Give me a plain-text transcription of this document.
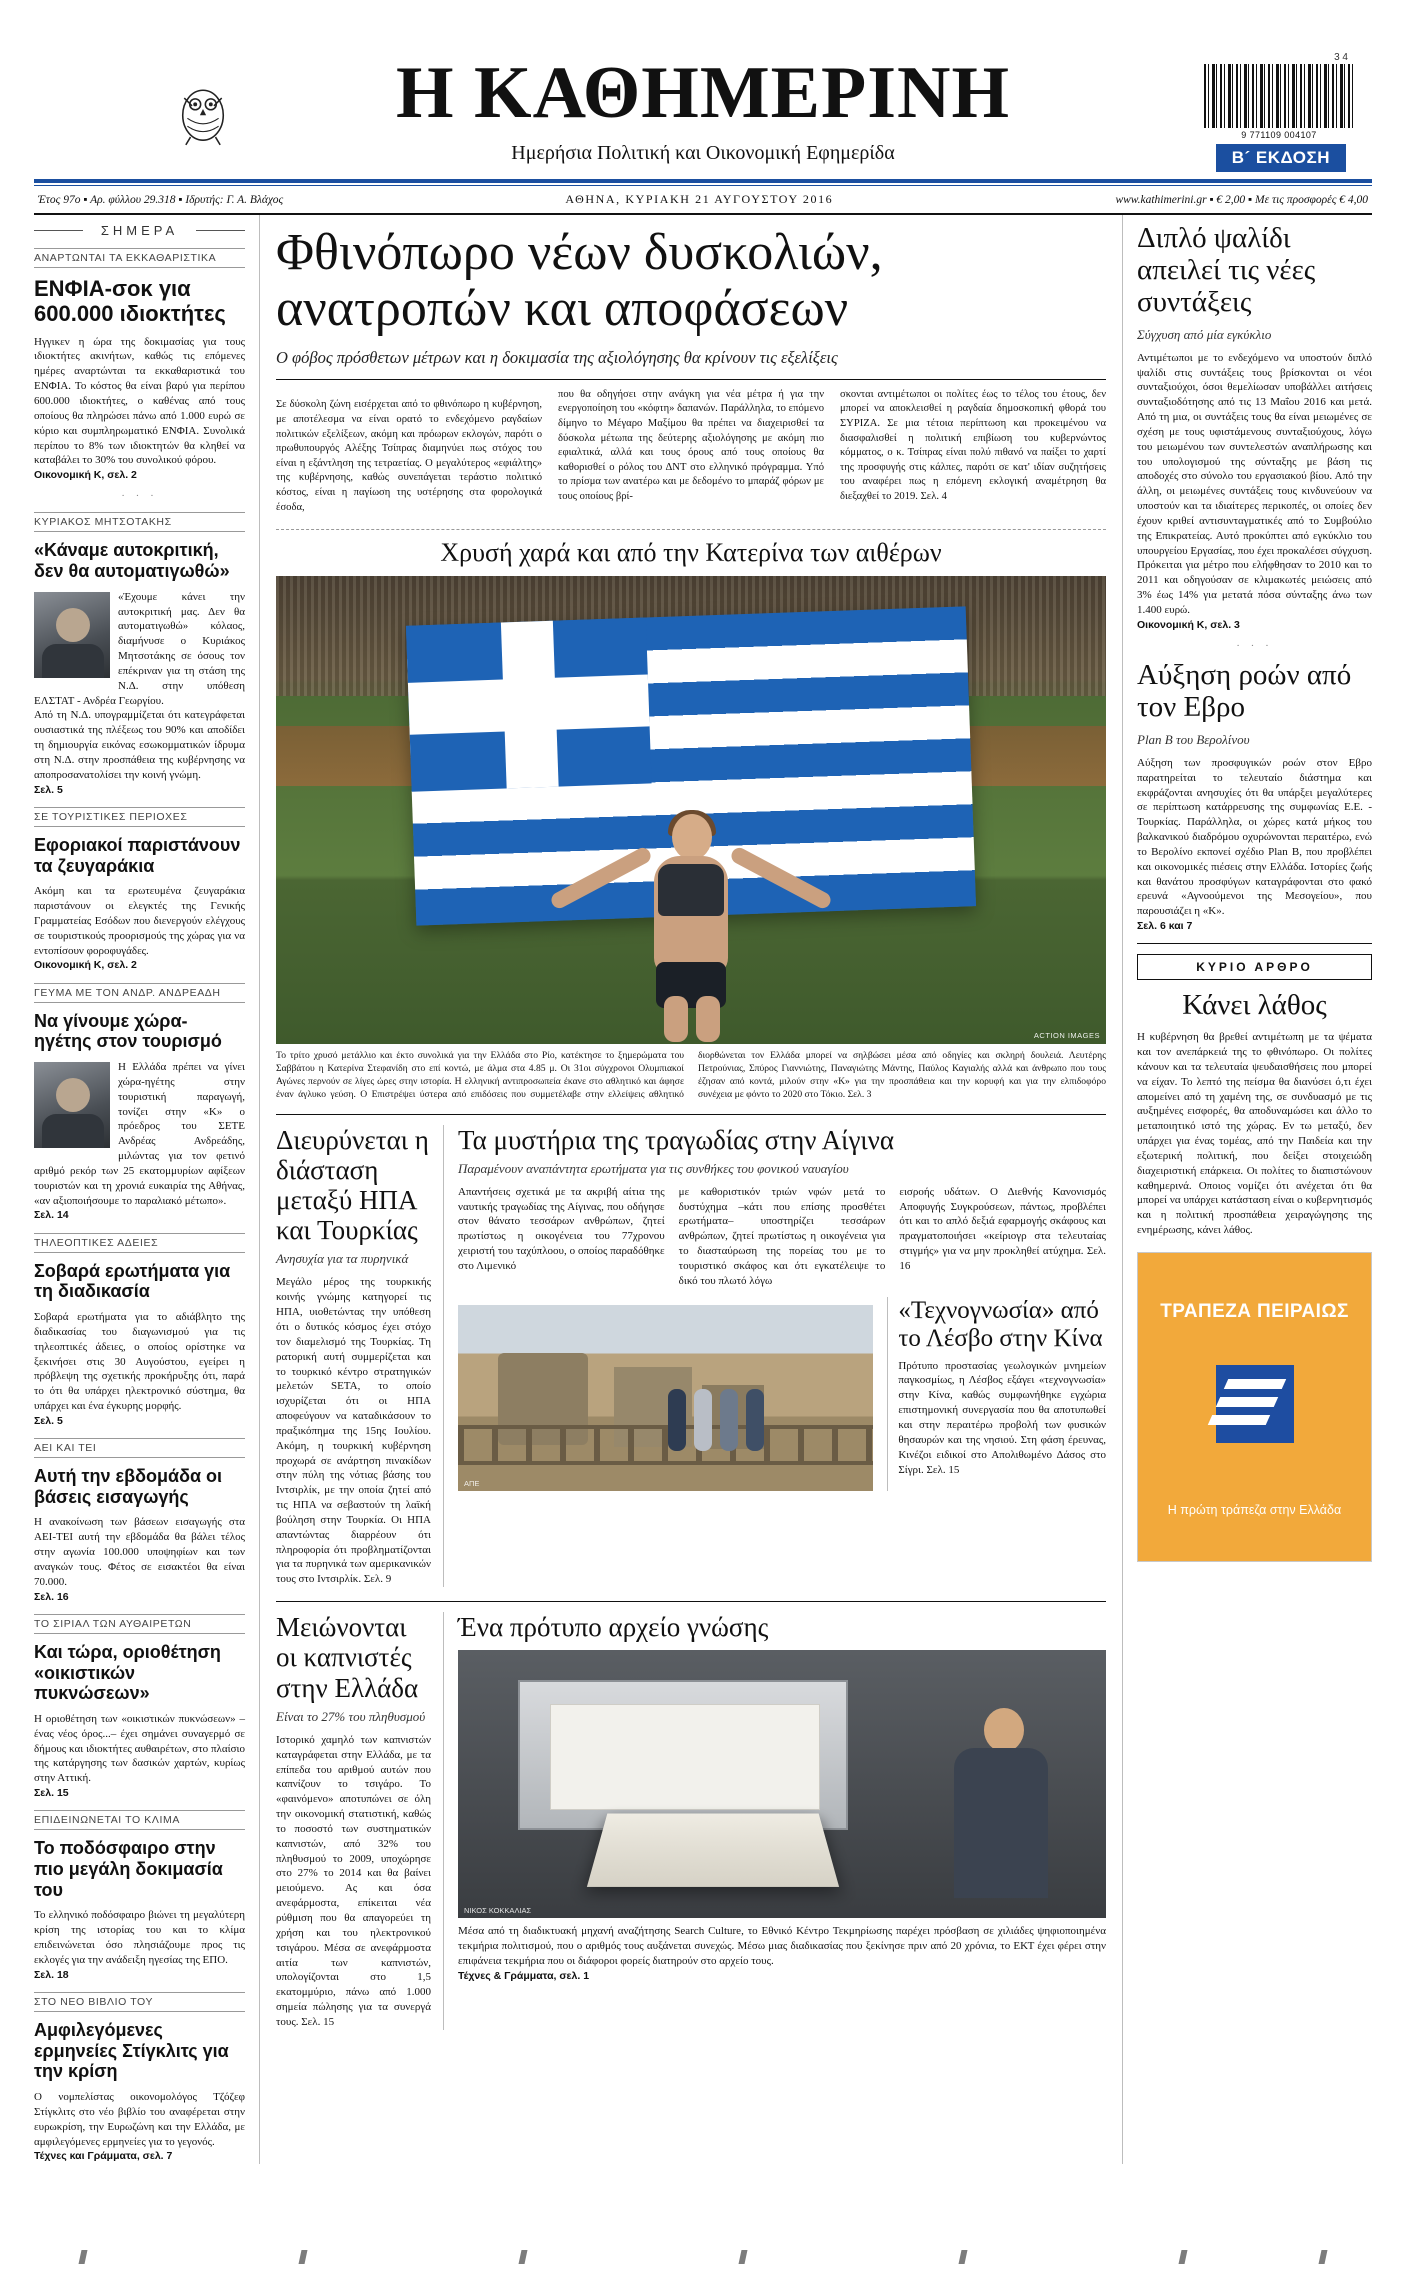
3 4
9 771109 004107
Η ΚΑΘΗΜΕΡΙΝΗ
Ημερήσια Πολιτική και Οικονομική Εφημερίδα	Β´ ΕΚΔΟΣΗ
Έτος 97ο ▪ Αρ. φύλλου 29.318 ▪ Ιδρυτής: Γ. Α. Βλάχος	ΑΘΗΝΑ, ΚΥΡΙΑΚΗ 21 ΑΥΓΟΥΣΤΟΥ 2016	www.kathimerini.gr ▪ € 2,00 ▪ Με τις προσφορές € 4,00
ΣΗΜΕΡΑ
ΑΝΑΡΤΩΝΤΑΙ ΤΑ ΕΚΚΑΘΑΡΙΣΤΙΚΑ
ΕΝΦΙΑ-σοκ για 600.000 ιδιοκτήτες
Ηγγικεν η ώρα της δοκιμασίας για τους ιδιοκτήτες ακινήτων, καθώς τις επόμενες ημέρες αναρτώνται τα εκκαθαριστικά του ΕΝΦΙΑ. Το κόστος θα είναι βαρύ για περίπου 600.000 ιδιοκτήτες, ο καθένας από τους οποίους θα πληρώσει πάνω από 1.000 ευρώ σε κύριο και συμπληρωματικό ΕΝΦΙΑ. Συνολικά περίπου το 8% των ιδιοκτητών θα κληθεί να καταβάλει το 30% του συνολικού φόρου.
Οικονομική Κ, σελ. 2
· · ·
ΚΥΡΙΑΚΟΣ ΜΗΤΣΟΤΑΚΗΣ
«Κάναμε αυτοκριτική, δεν θα αυτοματιγωθώ»
«Έχουμε κάνει την αυτοκριτική μας. Δεν θα αυτοματιγωθώ» κόλαος, διαμήνυσε ο Κυριάκος Μητσοτάκης σε όσους τον επέκριναν για τη στάση της Ν.Δ. στην υπόθεση ΕΛΣΤΑΤ - Ανδρέα Γεωργίου.
Από τη Ν.Δ. υπογραμμίζεται ότι κατεγράφεται ουσιαστικά της πλέξεως του 90% και αποδίδει τη δημιουργία εικόνας εσωκομματικών ίδρυμα στη Ν.Δ. στην προσπάθεια της κυβέρνησης να αποπροσανατολίσει την κοινή γνώμη.
Σελ. 5
ΣΕ ΤΟΥΡΙΣΤΙΚΕΣ ΠΕΡΙΟΧΕΣ
Εφοριακοί παριστάνουν τα ζευγαράκια
Ακόμη και τα ερωτευμένα ζευγαράκια παριστάνουν οι ελεγκτές της Γενικής Γραμματείας Εσόδων που διενεργούν ελέγχους σε τουριστικούς προορισμούς της χώρας για να εντοπίσουν φοροφυγάδες.
Οικονομική Κ, σελ. 2
ΓΕΥΜΑ ΜΕ ΤΟΝ ΑΝΔΡ. ΑΝΔΡΕΑΔΗ
Να γίνουμε χώρα-ηγέτης στον τουρισμό
Η Ελλάδα πρέπει να γίνει χώρα-ηγέτης στην τουριστική παραγωγή, τονίζει στην «Κ» ο πρόεδρος του ΣΕΤΕ Ανδρέας Ανδρεάδης, μιλώντας για τον φετινό αριθμό ρεκόρ των 25 εκατομμυρίων αφίξεων τουριστών και τη χρονιά ευκαιρία της Αθήνας, «αν αξιοποιήσουμε το παραλιακό μέτωπο».
Σελ. 14
ΤΗΛΕΟΠΤΙΚΕΣ ΑΔΕΙΕΣ
Σοβαρά ερωτήματα για τη διαδικασία
Σοβαρά ερωτήματα για το αδιάβλητο της διαδικασίας του διαγωνισμού για τις τηλεοπτικές άδειες, ο οποίος ορίστηκε να ξεκινήσει στις 30 Αυγούστου, εγείρει η πρόβλεψη της σχετικής προκήρυξης ότι, παρά το ότι θα υπάρχει ηλεκτρονικό σύστημα, θα υπάρχει και ένα έγκυρης μορφής.
Σελ. 5
ΑΕΙ ΚΑΙ ΤΕΙ
Αυτή την εβδομάδα οι βάσεις εισαγωγής
Η ανακοίνωση των βάσεων εισαγωγής στα ΑΕΙ-ΤΕΙ αυτή την εβδομάδα θα βάλει τέλος στην αγωνία 100.000 υποψηφίων και των αναγκών τους. Φέτος σε εισακτέοι θα είναι 70.000.
Σελ. 16
ΤΟ ΣΙΡΙΑΛ ΤΩΝ ΑΥΘΑΙΡΕΤΩΝ
Και τώρα, οριοθέτηση «οικιστικών πυκνώσεων»
Η οριοθέτηση των «οικιστικών πυκνώσεων» –ένας νέος όρος...– έχει σημάνει συναγερμό σε δήμους και ιδιοκτήτες αυθαιρέτων, στο πλαίσιο της κατάργησης των δασικών χαρτών, κυρίως στην Αττική.
Σελ. 15
ΕΠΙΔΕΙΝΩΝΕΤΑΙ ΤΟ ΚΛΙΜΑ
Το ποδόσφαιρο στην πιο μεγάλη δοκιμασία του
Το ελληνικό ποδόσφαιρο βιώνει τη μεγαλύτερη κρίση της ιστορίας του και το κλίμα επιδεινώνεται όσο πλησιάζουμε προς τις εκλογές για την ανάδειξη ηγεσίας της ΕΠΟ.
Σελ. 18
ΣΤΟ ΝΕΟ ΒΙΒΛΙΟ ΤΟΥ
Αμφιλεγόμενες ερμηνείες Στίγκλιτς για την κρίση
Ο νομπελίστας οικονομολόγος Τζόζεφ Στίγκλιτς στο νέο βιβλίο του αναφέρεται στην ευρωκρίση, την Ευρωζώνη και την Ελλάδα, με αμφιλεγόμενες ερμηνείες για το γεγονός.
Τέχνες και Γράμματα, σελ. 7
Φθινόπωρο νέων δυσκολιών, ανατροπών και αποφάσεων
Ο φόβος πρόσθετων μέτρων και η δοκιμασία της αξιολόγησης θα κρίνουν τις εξελίξεις

Σε δύσκολη ζώνη εισέρχεται από το φθινόπωρο η κυβέρνηση, με αποτέλεσμα να είναι ορατό το ενδεχόμενο ραγδαίων πολιτικών εξελίξεων, ακόμη και πρόωρων εκλογών, παρότι ο πρωθυπουργός Αλέξης Τσίπρας διαμηνύει πως στόχος του είναι η εξάντληση της τετραετίας. Ο μεγαλύτερος «εφιάλτης» της κυβέρνησης, καθώς συνεπάγεται τεράστιο πολιτικό κόστος, είναι η παγίωση της υστέρησης στα φορολογικά έσοδα,

που θα οδηγήσει στην ανάγκη για νέα μέτρα ή για την ενεργοποίηση του «κόφτη» δαπανών. Παράλληλα, το επόμενο δίμηνο το Μέγαρο Μαξίμου θα πρέπει να διαχειρισθεί τα δύσκολα μέτωπα της δεύτερης αξιολόγησης με ακόμη πιο εφιαλτικά, αλλά και τους όρους από τους οποίους θα καθορισθεί ο ρόλος του ΔΝΤ στο ελληνικό πρόγραμμα. Υπό το πρίσμα των ανατέρω και με δεδομένο το μπαράζ φόρων με τους οποίους βρί-

σκονται αντιμέτωποι οι πολίτες έως το τέλος του έτους, δεν μπορεί να αποκλεισθεί η ραγδαία δημοσκοπική φθορά του ΣΥΡΙΖΑ. Σε μια τέτοια περίπτωση και προκειμένου να διασφαλισθεί η πολιτική επιβίωση του κυβερνώντος κόμματος, ο κ. Τσίπρας είναι πολύ πιθανό να παίξει το χαρτί της προσφυγής στις κάλπες, παρότι σε κατ' ιδίαν συζητήσεις του αναφέρει πως η επόμενη εκλογική αναμέτρηση θα διεξαχθεί το 2019. Σελ. 4

Χρυσή χαρά και από την Κατερίνα των αιθέρων
ACTION IMAGES
Το τρίτο χρυσό μετάλλιο και έκτο συνολικά για την Ελλάδα στο Ρίο, κατέκτησε το ξημερώματα του Σαββάτου η Κατερίνα Στεφανίδη στο επί κοντώ, με άλμα στα 4.85 μ. Οι 31οι σύγχρονοι Ολυμπιακοί Αγώνες περνούν σε λίγες ώρες στην ιστορία. Η ελληνική αντιπροσωπεία έκανε στο αθλητικό και άφησε έναν άγλυκο γεύση. Ο Επιστρέψει ύστερα από επιδόσεις που συμμετέλαβε στην ελλείψεις αθλητικό διορθώνεται τον Ελλάδα μπορεί να σηλβώσει μέσα από οδηγίες και σκληρή δουλειά. Λευτέρης Πετρούνιας, Σπύρος Γιαννιώτης, Παναγιώτης Μάντης, Παύλος Καγιαλής αλλά και άνθρωπο που τους έζησαν από κοντά, μιλούν στην «Κ» για την προσπάθεια και την κορυφή και για την ελπιδοφόρο συνέχεια με φόντο το 2020 στο Τόκιο. Σελ. 3
Διευρύνεται η διάσταση μεταξύ ΗΠΑ και Τουρκίας
Ανησυχία για τα πυρηνικά
Μεγάλο μέρος της τουρκικής κοινής γνώμης κατηγορεί τις ΗΠΑ, υιοθετώντας την υπόθεση ότι ο δυτικός κόσμος έχει στόχο τον διαμελισμό της Τουρκίας. Τη ρατορική αυτή συμμερίζεται και το τουρκικό κέντρο στρατηγικών μελετών SETA, το οποίο ισχυρίζεται ότι οι ΗΠΑ αποφεύγουν να καταδικάσουν το πραξικόπημα της 15ης Ιουλίου. Ακόμη, η τουρκική κυβέρνηση προχωρά σε ανάρτηση πινακίδων στην πύλη της νότιας βάσης του Ιντσιρλίκ, με την οποία ζητεί από τις ΗΠΑ να σεβαστούν τη λαϊκή βούληση στην Τουρκία. Οι ΗΠΑ απαντώντας διαρρέουν ότι πληροφορία ότι προβληματίζονται για τα πυρηνικά των αμερικανικών τους στο Ιντσιρλίκ. Σελ. 9
Τα μυστήρια της τραγωδίας στην Αίγινα
Παραμένουν αναπάντητα ερωτήματα για τις συνθήκες του φονικού ναυαγίου
Απαντήσεις σχετικά με τα ακριβή αίτια της ναυτικής τραγωδίας της Αίγινας, που οδήγησε στον θάνατο τεσσάρων ανθρώπων, ζητεί πρωτίστως η οικογένεια του 77χρονου χειριστή του ταχύπλοου, ο οποίος παραδόθηκε στο Λιμενικό
με καθοριστικόν τριών νφών μετά το δυστύχημα –κάτι που επίσης προσθέτει ερωτήματα– υποστηρίζει τεσσάρων ανθρώπων, ζητεί πρωτίστως η οικογένεια για το διασταύρωση της πορείας του με το τουριστικό σκάφος και ότι εγκατέλειψε το δικό του πλωτό λόγω
εισροής υδάτων. Ο Διεθνής Κανονισμός Αποφυγής Συγκρούσεων, πάντως, προβλέπει ότι και το απλό δεξιά εφαρμογής σκάφους και πραγματοποιήσει «κείριογρ στα τελευταίας στιγμής» για να μην προκληθεί ατύχημα. Σελ. 16
ΑΠΕ
«Τεχνογνωσία» από το Λέσβο στην Κίνα
Πρότυπο προστασίας γεωλογικών μνημείων παγκοσμίως, η Λέσβος εξάγει «τεχνογνωσία» στην Κίνα, καθώς συμφωνήθηκε εγχώρια επιστημονική συνεργασία που θα αποτυπωθεί και στην περαιτέρω προβολή των φυσικών θησαυρών και της νησιού. Στη φάση έρευνας, Κινέζοι ειδικοί στο Απολιθωμένο Δάσος στο Σίγρι. Σελ. 15
Μειώνονται οι καπνιστές στην Ελλάδα
Είναι το 27% του πληθυσμού
Ιστορικό χαμηλό των καπνιστών καταγράφεται στην Ελλάδα, με τα επίπεδα του αριθμού αυτών που καπνίζουν το τσιγάρο. Το «φαινόμενο» αποτυπώνει σε όλη την οικονομική στατιστική, καθώς το ποσοστό των συστηματικών καπνιστών, από 32% του πληθυσμού το 2009, υποχώρησε στο 27% το 2014 και θα βαίνει μειούμενο. Ας και όσα ανεφάρμοστα, επίκειται νέα ρύθμιση που θα απαγορεύει τη χρήση και του ηλεκτρονικού τσιγάρου. Μέσα σε ανεφάρμοστα αιτία των καπνιστών, υπολογίζονται στο 1,5 εκατομμύριο, πάνω από 1.000 σημεία πώλησης για τα συνεργά τους. Σελ. 15
Ένα πρότυπο αρχείο γνώσης
ΝΙΚΟΣ ΚΟΚΚΑΛΙΑΣ
Μέσα από τη διαδικτυακή μηχανή αναζήτησης Search Culture, το Εθνικό Κέντρο Τεκμηρίωσης παρέχει πρόσβαση σε χιλιάδες ψηφιοποιημένα τεκμήρια πολιτισμού, που ο αριθμός τους αυξάνεται συνεχώς. Μέσω μιας διαδικασίας που ξεκίνησε πριν από 20 χρόνια, το ΕΚΤ έχει φέρει στην επιφάνεια τεκμήρια που οι διάφοροι φορείς διατηρούν στο αρχείο τους.
Τέχνες & Γράμματα, σελ. 1
Διπλό ψαλίδι απειλεί τις νέες συντάξεις
Σύγχυση από μία εγκύκλιο
Αντιμέτωποι με το ενδεχόμενο να υποστούν διπλό ψαλίδι στις συντάξεις τους βρίσκονται οι νέοι συνταξιούχοι, όσοι θεμελίωσαν υποβάλλει αιτήσεις συνταξιοδότησης από τις 13 Μαΐου 2016 και μετά. Από τη μια, οι συντάξεις τους θα είναι μειωμένες σε σχέση με τους υφιστάμενους συνταξιούχους, λόγω του μειωμένου των συντελεστών αναπλήρωσης και του υπολογισμού της σύνταξης με βάση τις αποδοχές στο σύνολο του εργασιακού βίου. Από την άλλη, οι μειωμένες συντάξεις τους κινδυνεύουν να υποστούν και τα ιδιαίτερες περικοπές, οι οποίες δεν έχουν κριθεί αντισυνταγματικές από το Συμβούλιο της Επικρατείας. Αυτό προκύπτει από εγκύκλιο του υπουργείου Εργασίας, που έχει προκαλέσει σύγχυση. Πρόκειται για μέτρο που ελήφθησαν το 2010 και το 2011 και οδηγούσαν σε κλιμακωτές μειώσεις από 3% έως 14% για μετατά πόσα σύνταξης άνω των 1.400 ευρώ.
Οικονομική Κ, σελ. 3
· · ·
Αύξηση ροών από τον Εβρο
Plan B του Βερολίνου
Αύξηση των προσφυγικών ροών στον Εβρο παρατηρείται το τελευταίο διάστημα και εκφράζονται ανησυχίες ότι θα υπάρξει μεγαλύτερες σε περίπτωση κατάρρευσης της συμφωνίας Ε.Ε. - Τουρκίας. Παράλληλα, οι χώρες κατά μήκος του βαλκανικού διαδρόμου οχυρώνονται περαιτέρω, ενώ το Βερολίνο εκπονεί σχέδιο Plan B, που προβλέπει και οικονομικές πιέσεις στην Ελλάδα. Ιστορίες ζωής και θανάτου προσφύγων καταγράφονται στο φακό ερευνά «Αγνοούμενοι της Μεσογείου», που παρουσιάζει η «Κ».
Σελ. 6 και 7
ΚΥΡΙΟ ΑΡΘΡΟ
Κάνει λάθος
Η κυβέρνηση θα βρεθεί αντιμέτωπη με τα ψέματα και τον ανεπάρκειά της το φθινόπωρο. Οι πολίτες κάνουν και τα τελευταία ψευδαισθήσεις που μπορεί να είχαν. Το λεπτό της πείσμα θα διανύσει ό,τι έχει απομείνει από τη χαμένη της, σε συνδυασμό με τις αυξημένες εισφορές, θα αποδυναμώσει και άλλο το μεταποιητικό ιστό της χώρας. Εν τω μεταξύ, δεν υπάρχει για ένας τομέας, από την Παιδεία και την εξωτερική πολιτική, που δείξει στοιχειώδη διαχειριστική επάρκεια. Οι πολίτες το διαπιστώνουν καθημερινά. Οποιος νομίζει ότι ανέχεται ότι θα μπορεί να υπάρχει κατάσταση είναι ο κυβερνητισμός και η πολιτική προσπάθεια χειραγώγησης της ενημέρωσης, κάνει λάθος.
ΤΡΑΠΕΖΑ ΠΕΙΡΑΙΩΣ
Η πρώτη τράπεζα στην Ελλάδα
